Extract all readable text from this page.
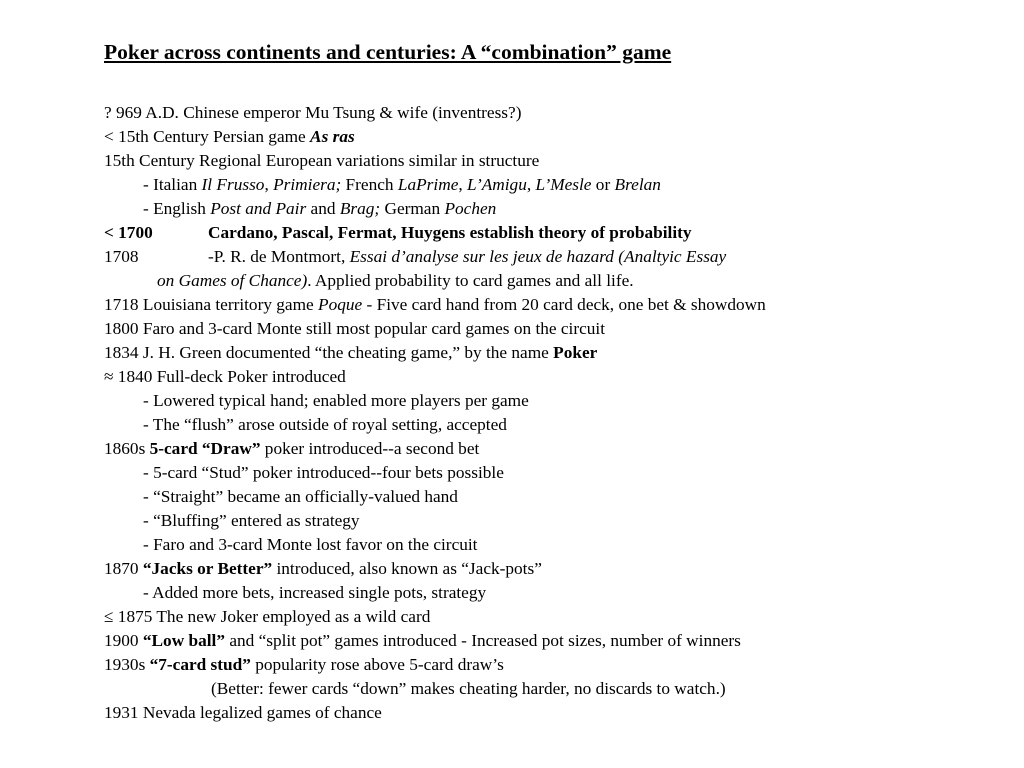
Poker across continents and centuries: A “combination” game
? 969 A.D. Chinese emperor Mu Tsung & wife (inventress?)
< 15th Century Persian game As ras
15th Century Regional European variations similar in structure
- Italian Il Frusso, Primiera; French LaPrime, L’Amigu, L’Mesle or Brelan
- English Post and Pair and Brag; German Pochen
< 1700	Cardano, Pascal, Fermat, Huygens establish theory of probability
1708	-P. R. de Montmort, Essai d’analyse sur les jeux de hazard (Analtyic Essay
on Games of Chance). Applied probability to card games and all life.
1718 Louisiana territory game Poque - Five card hand from 20 card deck, one bet & showdown
1800 Faro and 3-card Monte still most popular card games on the circuit
1834 J. H. Green documented “the cheating game,” by the name Poker
≈ 1840 Full-deck Poker introduced
- Lowered typical hand; enabled more players per game
- The “flush” arose outside of royal setting, accepted
1860s 5-card “Draw” poker introduced--a second bet
- 5-card “Stud” poker introduced--four bets possible
- “Straight” became an officially-valued hand
- “Bluffing” entered as strategy
- Faro and 3-card Monte lost favor on the circuit
1870 “Jacks or Better” introduced, also known as “Jack-pots”
- Added more bets, increased single pots, strategy
≤ 1875 The new Joker employed as a wild card
1900 “Low ball” and “split pot” games introduced - Increased pot sizes, number of winners
1930s “7-card stud” popularity rose above 5-card draw’s
(Better: fewer cards “down” makes cheating harder, no discards to watch.)
1931 Nevada legalized games of chance
